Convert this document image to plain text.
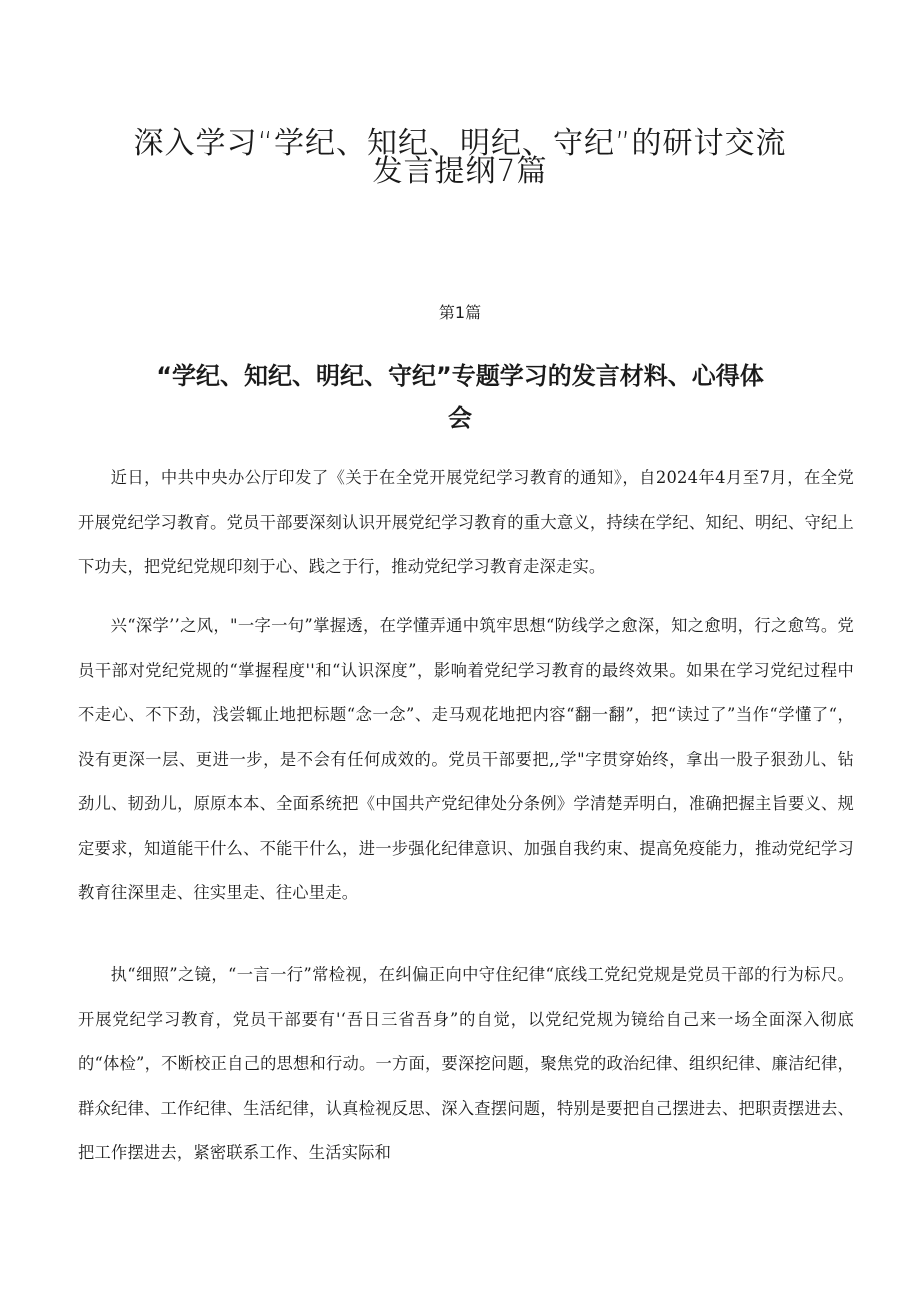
深入学习“学纪、知纪、明纪、守纪”的研讨交流
发言提纲7篇

第1篇

“学纪、知纪、明纪、守纪”专题学习的发言材料、心得体
会

近日，中共中央办公厅印发了《关于在全党开展党纪学习教育的通知》，自2024年4月至7月，在全党开展党纪学习教育。党员干部要深刻认识开展党纪学习教育的重大意义，持续在学纪、知纪、明纪、守纪上下功夫，把党纪党规印刻于心、践之于行，推动党纪学习教育走深走实。

兴“深学’’之风，"一字一句”掌握透，在学懂弄通中筑牢思想“防线学之愈深，知之愈明，行之愈笃。党员干部对党纪党规的“掌握程度''和“认识深度”，影响着党纪学习教育的最终效果。如果在学习党纪过程中不走心、不下劲，浅尝辄止地把标题“念一念”、走马观花地把内容“翻一翻”，把“读过了”当作“学懂了“，没有更深一层、更进一步，是不会有任何成效的。党员干部要把,,学"字贯穿始终，拿出一股子狠劲儿、钻劲儿、韧劲儿，原原本本、全面系统把《中国共产党纪律处分条例》学清楚弄明白，准确把握主旨要义、规定要求，知道能干什么、不能干什么，进一步强化纪律意识、加强自我约束、提高免疫能力，推动党纪学习教育往深里走、往实里走、往心里走。

执“细照”之镜，“一言一行”常检视，在纠偏正向中守住纪律“底线工党纪党规是党员干部的行为标尺。开展党纪学习教育，党员干部要有'‘吾日三省吾身”的自觉，以党纪党规为镜给自己来一场全面深入彻底的“体检”，不断校正自己的思想和行动。一方面，要深挖问题，聚焦党的政治纪律、组织纪律、廉洁纪律，群众纪律、工作纪律、生活纪律，认真检视反思、深入查摆问题，特别是要把自己摆进去、把职责摆进去、把工作摆进去，紧密联系工作、生活实际和
